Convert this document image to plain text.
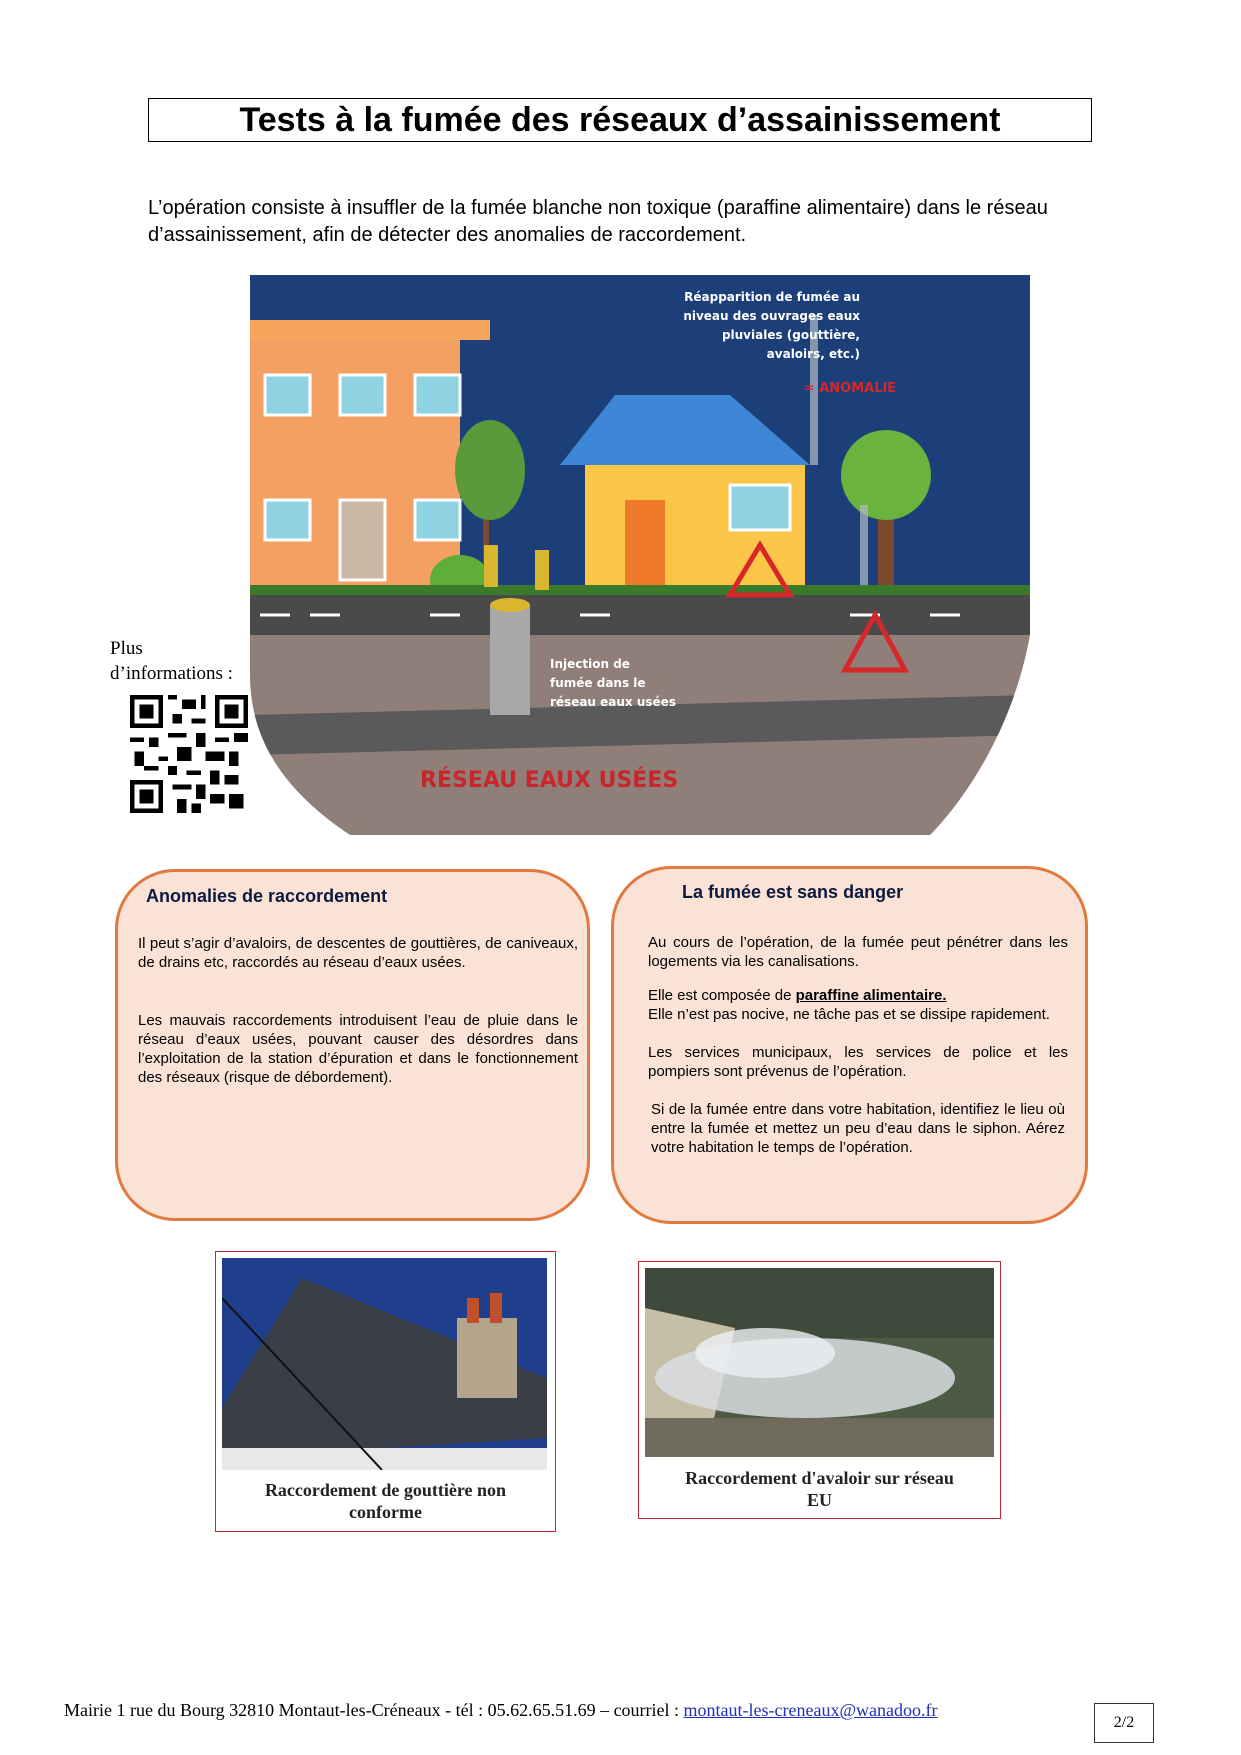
Tests à la fumée des réseaux d’assainissement

L’opération consiste à insuffler de la fumée blanche non toxique (paraffine alimentaire) dans le réseau d’assainissement, afin de détecter des anomalies de raccordement.

Réapparition de fumée au
niveau des ouvrages eaux
pluviales (gouttière,
avaloirs, etc.)
= ANOMALIE
Injection de
fumée dans le
réseau eaux usées
RÉSEAU EAUX USÉES
Plus
d’informations :
Anomalies de raccordement

Il peut s’agir d’avaloirs, de descentes de gouttières, de caniveaux, de drains etc, raccordés au réseau d’eaux usées.

Les mauvais raccordements introduisent l’eau de pluie dans le réseau d’eaux usées, pouvant causer des désordres dans l’exploitation de la station d’épuration et dans le fonctionnement des réseaux (risque de débordement).

La fumée est sans danger

Au cours de l’opération, de la fumée peut pénétrer dans les logements via les canalisations.

Elle est composée de paraffine alimentaire.

Elle n’est pas nocive, ne tâche pas et se dissipe rapidement.

Les services municipaux, les services de police et les pompiers sont prévenus de l’opération.

Si de la fumée entre dans votre habitation, identifiez le lieu où entre la fumée et mettez un peu d’eau dans le siphon. Aérez votre habitation le temps de l’opération.

Raccordement de gouttière non
conforme
Raccordement d'avaloir sur réseau
EU
Mairie 1 rue du Bourg 32810 Montaut-les-Créneaux - tél : 05.62.65.51.69 – courriel : montaut-les-creneaux@wanadoo.fr
2/2
